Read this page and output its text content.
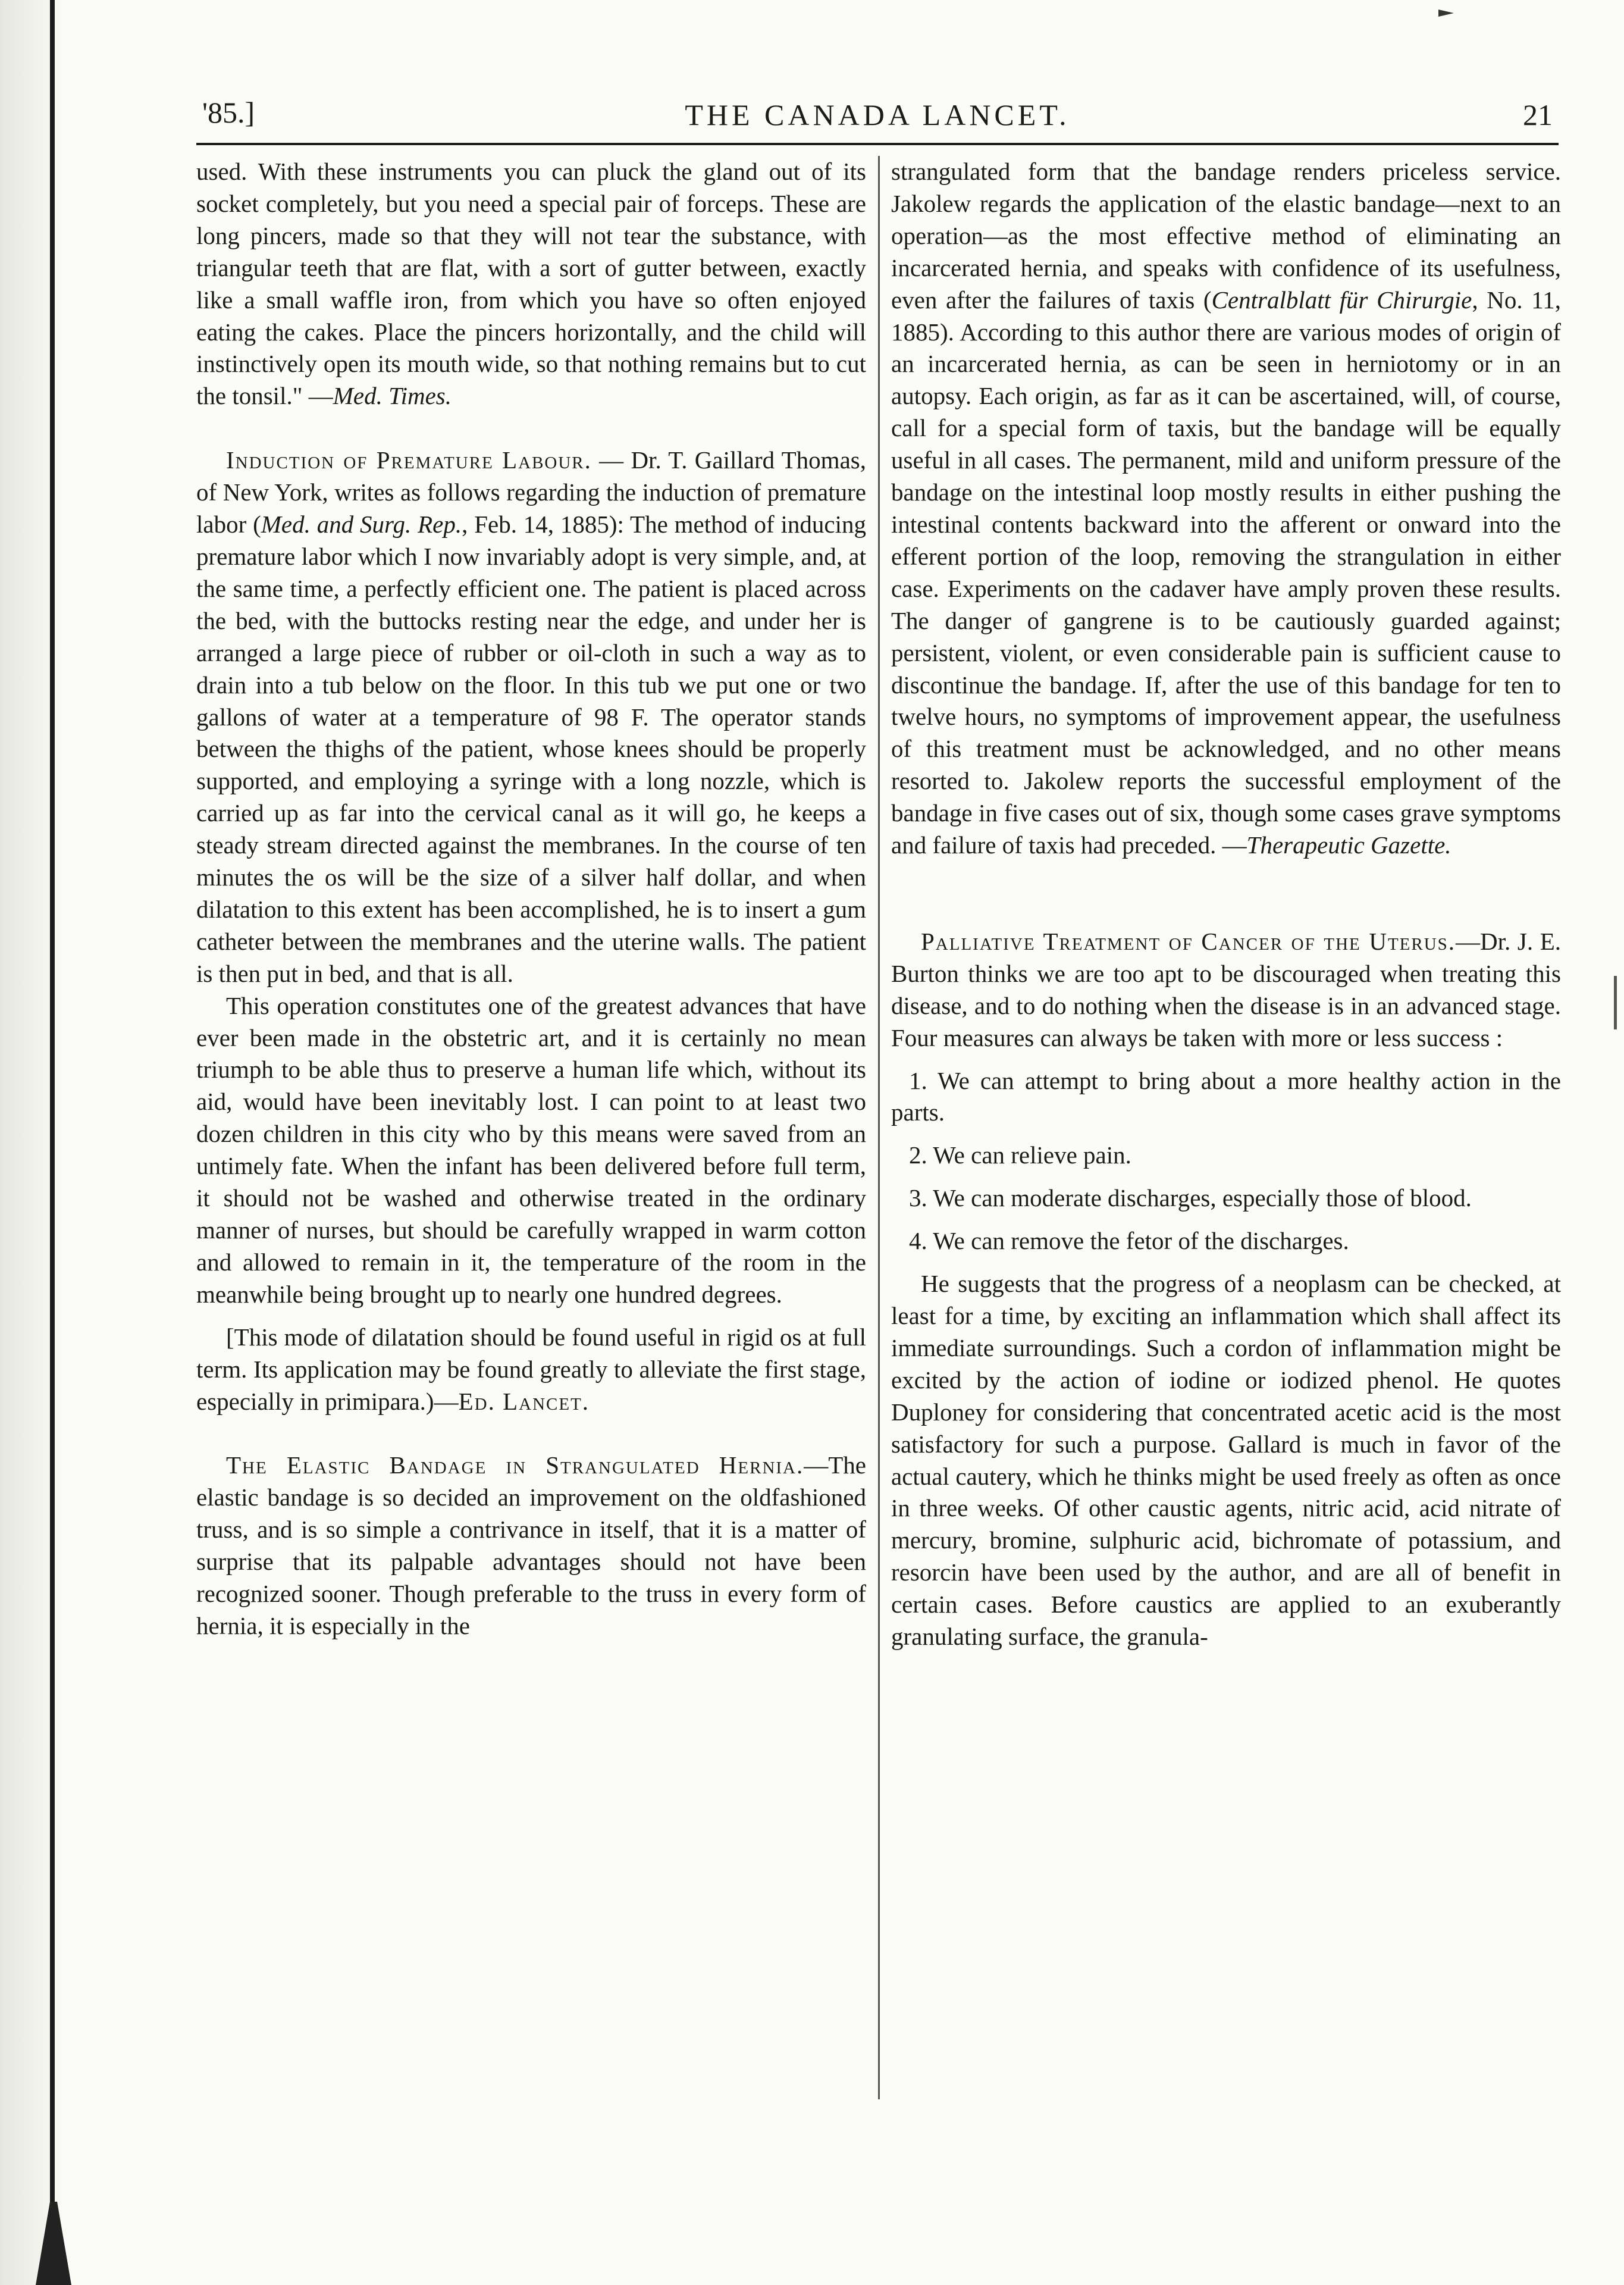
'85.]	THE CANADA LANCET.	21

used. With these instruments you can pluck the gland out of its socket completely, but you need a special pair of forceps. These are long pincers, made so that they will not tear the substance, with triangular teeth that are flat, with a sort of gutter between, exactly like a small waffle iron, from which you have so often enjoyed eating the cakes. Place the pincers horizontally, and the child will instinctively open its mouth wide, so that nothing remains but to cut the tonsil." —Med. Times.

Induction of Premature Labour. — Dr. T. Gaillard Thomas, of New York, writes as follows regarding the induction of premature labor (Med. and Surg. Rep., Feb. 14, 1885): The method of inducing premature labor which I now invariably adopt is very simple, and, at the same time, a perfectly efficient one. The patient is placed across the bed, with the buttocks resting near the edge, and under her is arranged a large piece of rubber or oil-cloth in such a way as to drain into a tub below on the floor. In this tub we put one or two gallons of water at a temperature of 98 F. The operator stands between the thighs of the patient, whose knees should be properly supported, and employing a syringe with a long nozzle, which is carried up as far into the cervical canal as it will go, he keeps a steady stream directed against the membranes. In the course of ten minutes the os will be the size of a silver half dollar, and when dilatation to this extent has been accomplished, he is to insert a gum catheter between the membranes and the uterine walls. The patient is then put in bed, and that is all.

This operation constitutes one of the greatest advances that have ever been made in the obstetric art, and it is certainly no mean triumph to be able thus to preserve a human life which, without its aid, would have been inevitably lost. I can point to at least two dozen children in this city who by this means were saved from an untimely fate. When the infant has been delivered before full term, it should not be washed and otherwise treated in the ordinary manner of nurses, but should be carefully wrapped in warm cotton and allowed to remain in it, the temperature of the room in the meanwhile being brought up to nearly one hundred degrees.

[This mode of dilatation should be found useful in rigid os at full term. Its application may be found greatly to alleviate the first stage, especially in primipara.)—Ed. Lancet.

The Elastic Bandage in Strangulated Hernia.—The elastic bandage is so decided an improvement on the oldfashioned truss, and is so simple a contrivance in itself, that it is a matter of surprise that its palpable advantages should not have been recognized sooner. Though preferable to the truss in every form of hernia, it is especially in the

strangulated form that the bandage renders priceless service. Jakolew regards the application of the elastic bandage—next to an operation—as the most effective method of eliminating an incarcerated hernia, and speaks with confidence of its usefulness, even after the failures of taxis (Centralblatt für Chirurgie, No. 11, 1885). According to this author there are various modes of origin of an incarcerated hernia, as can be seen in herniotomy or in an autopsy. Each origin, as far as it can be ascertained, will, of course, call for a special form of taxis, but the bandage will be equally useful in all cases. The permanent, mild and uniform pressure of the bandage on the intestinal loop mostly results in either pushing the intestinal contents backward into the afferent or onward into the efferent portion of the loop, removing the strangulation in either case. Experiments on the cadaver have amply proven these results. The danger of gangrene is to be cautiously guarded against; persistent, violent, or even considerable pain is sufficient cause to discontinue the bandage. If, after the use of this bandage for ten to twelve hours, no symptoms of improvement appear, the usefulness of this treatment must be acknowledged, and no other means resorted to. Jakolew reports the successful employment of the bandage in five cases out of six, though some cases grave symptoms and failure of taxis had preceded. —Therapeutic Gazette.

Palliative Treatment of Cancer of the Uterus.—Dr. J. E. Burton thinks we are too apt to be discouraged when treating this disease, and to do nothing when the disease is in an advanced stage. Four measures can always be taken with more or less success :

1. We can attempt to bring about a more healthy action in the parts.

2. We can relieve pain.

3. We can moderate discharges, especially those of blood.

4. We can remove the fetor of the discharges.

He suggests that the progress of a neoplasm can be checked, at least for a time, by exciting an inflammation which shall affect its immediate surroundings. Such a cordon of inflammation might be excited by the action of iodine or iodized phenol. He quotes Duploney for considering that concentrated acetic acid is the most satisfactory for such a purpose. Gallard is much in favor of the actual cautery, which he thinks might be used freely as often as once in three weeks. Of other caustic agents, nitric acid, acid nitrate of mercury, bromine, sulphuric acid, bichromate of potassium, and resorcin have been used by the author, and are all of benefit in certain cases. Before caustics are applied to an exuberantly granulating surface, the granula-
